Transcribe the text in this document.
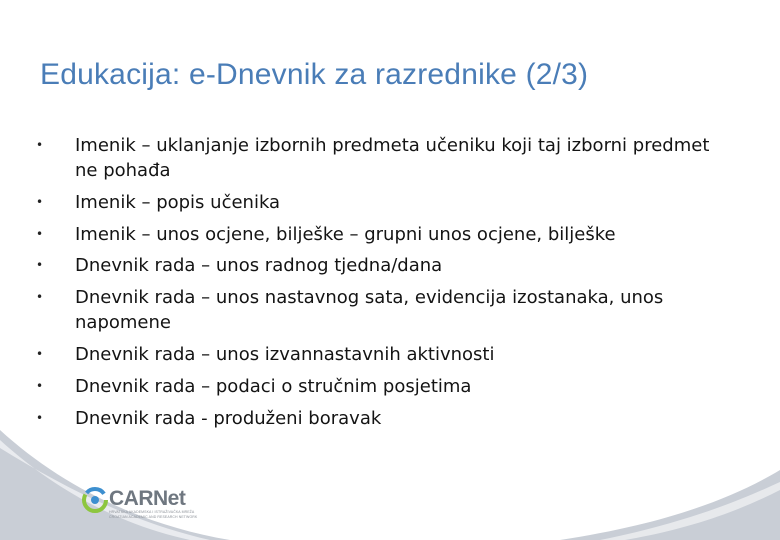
Edukacija: e-Dnevnik za razrednike (2/3)
• Imenik – uklanjanje izbornih predmeta učeniku koji taj izborni predmet
ne pohađa
• Imenik – popis učenika
• Imenik – unos ocjene, bilješke – grupni unos ocjene, bilješke
• Dnevnik rada – unos radnog tjedna/dana
• Dnevnik rada – unos nastavnog sata, evidencija izostanaka, unos
napomene
• Dnevnik rada – unos izvannastavnih aktivnosti
• Dnevnik rada – podaci o stručnim posjetima
• Dnevnik rada - produženi boravak
CARNet
HRVATSKA AKADEMSKA I ISTRAŽIVAČKA MREŽA
CROATIAN ACADEMIC AND RESEARCH NETWORK
